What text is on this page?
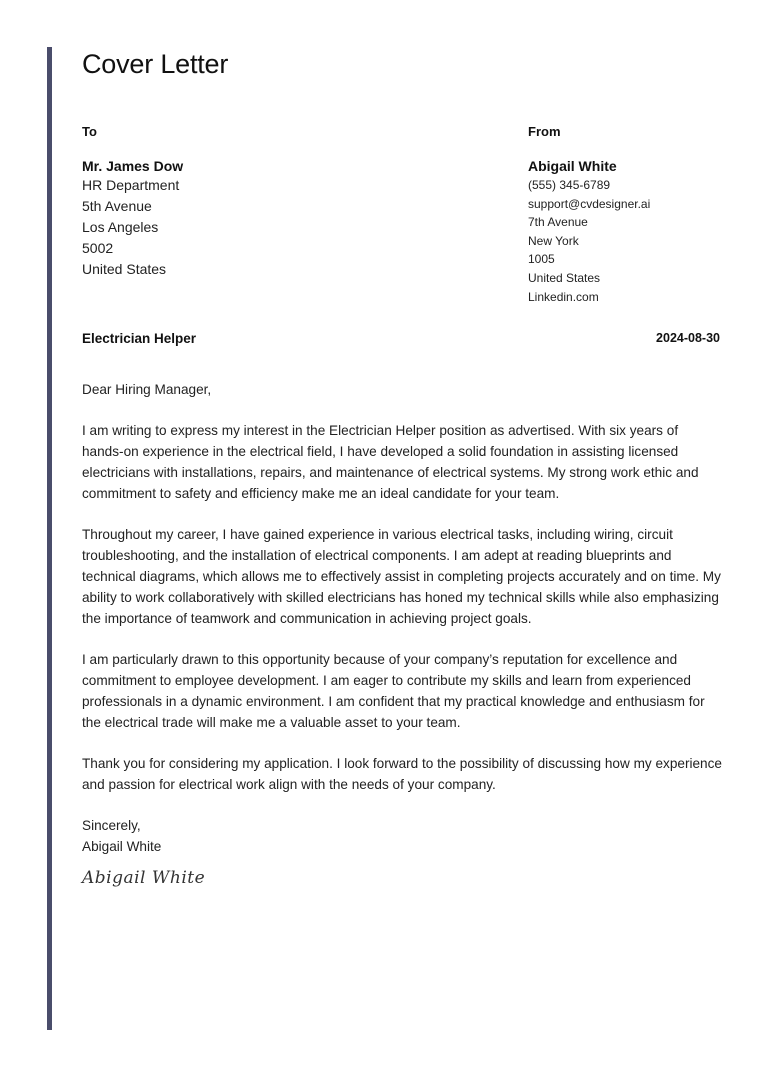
Cover Letter
To
Mr. James Dow
HR Department
5th Avenue
Los Angeles
5002
United States
From
Abigail White
(555) 345-6789
support@cvdesigner.ai
7th Avenue
New York
1005
United States
Linkedin.com
Electrician Helper	2024-08-30

Dear Hiring Manager,

I am writing to express my interest in the Electrician Helper position as advertised. With six years of hands-on experience in the electrical field, I have developed a solid foundation in assisting licensed electricians with installations, repairs, and maintenance of electrical systems. My strong work ethic and commitment to safety and efficiency make me an ideal candidate for your team.

Throughout my career, I have gained experience in various electrical tasks, including wiring, circuit troubleshooting, and the installation of electrical components. I am adept at reading blueprints and technical diagrams, which allows me to effectively assist in completing projects accurately and on time. My ability to work collaboratively with skilled electricians has honed my technical skills while also emphasizing the importance of teamwork and communication in achieving project goals.

I am particularly drawn to this opportunity because of your company’s reputation for excellence and commitment to employee development. I am eager to contribute my skills and learn from experienced professionals in a dynamic environment. I am confident that my practical knowledge and enthusiasm for the electrical trade will make me a valuable asset to your team.

Thank you for considering my application. I look forward to the possibility of discussing how my experience and passion for electrical work align with the needs of your company.

Sincerely,
Abigail White
Abigail White
